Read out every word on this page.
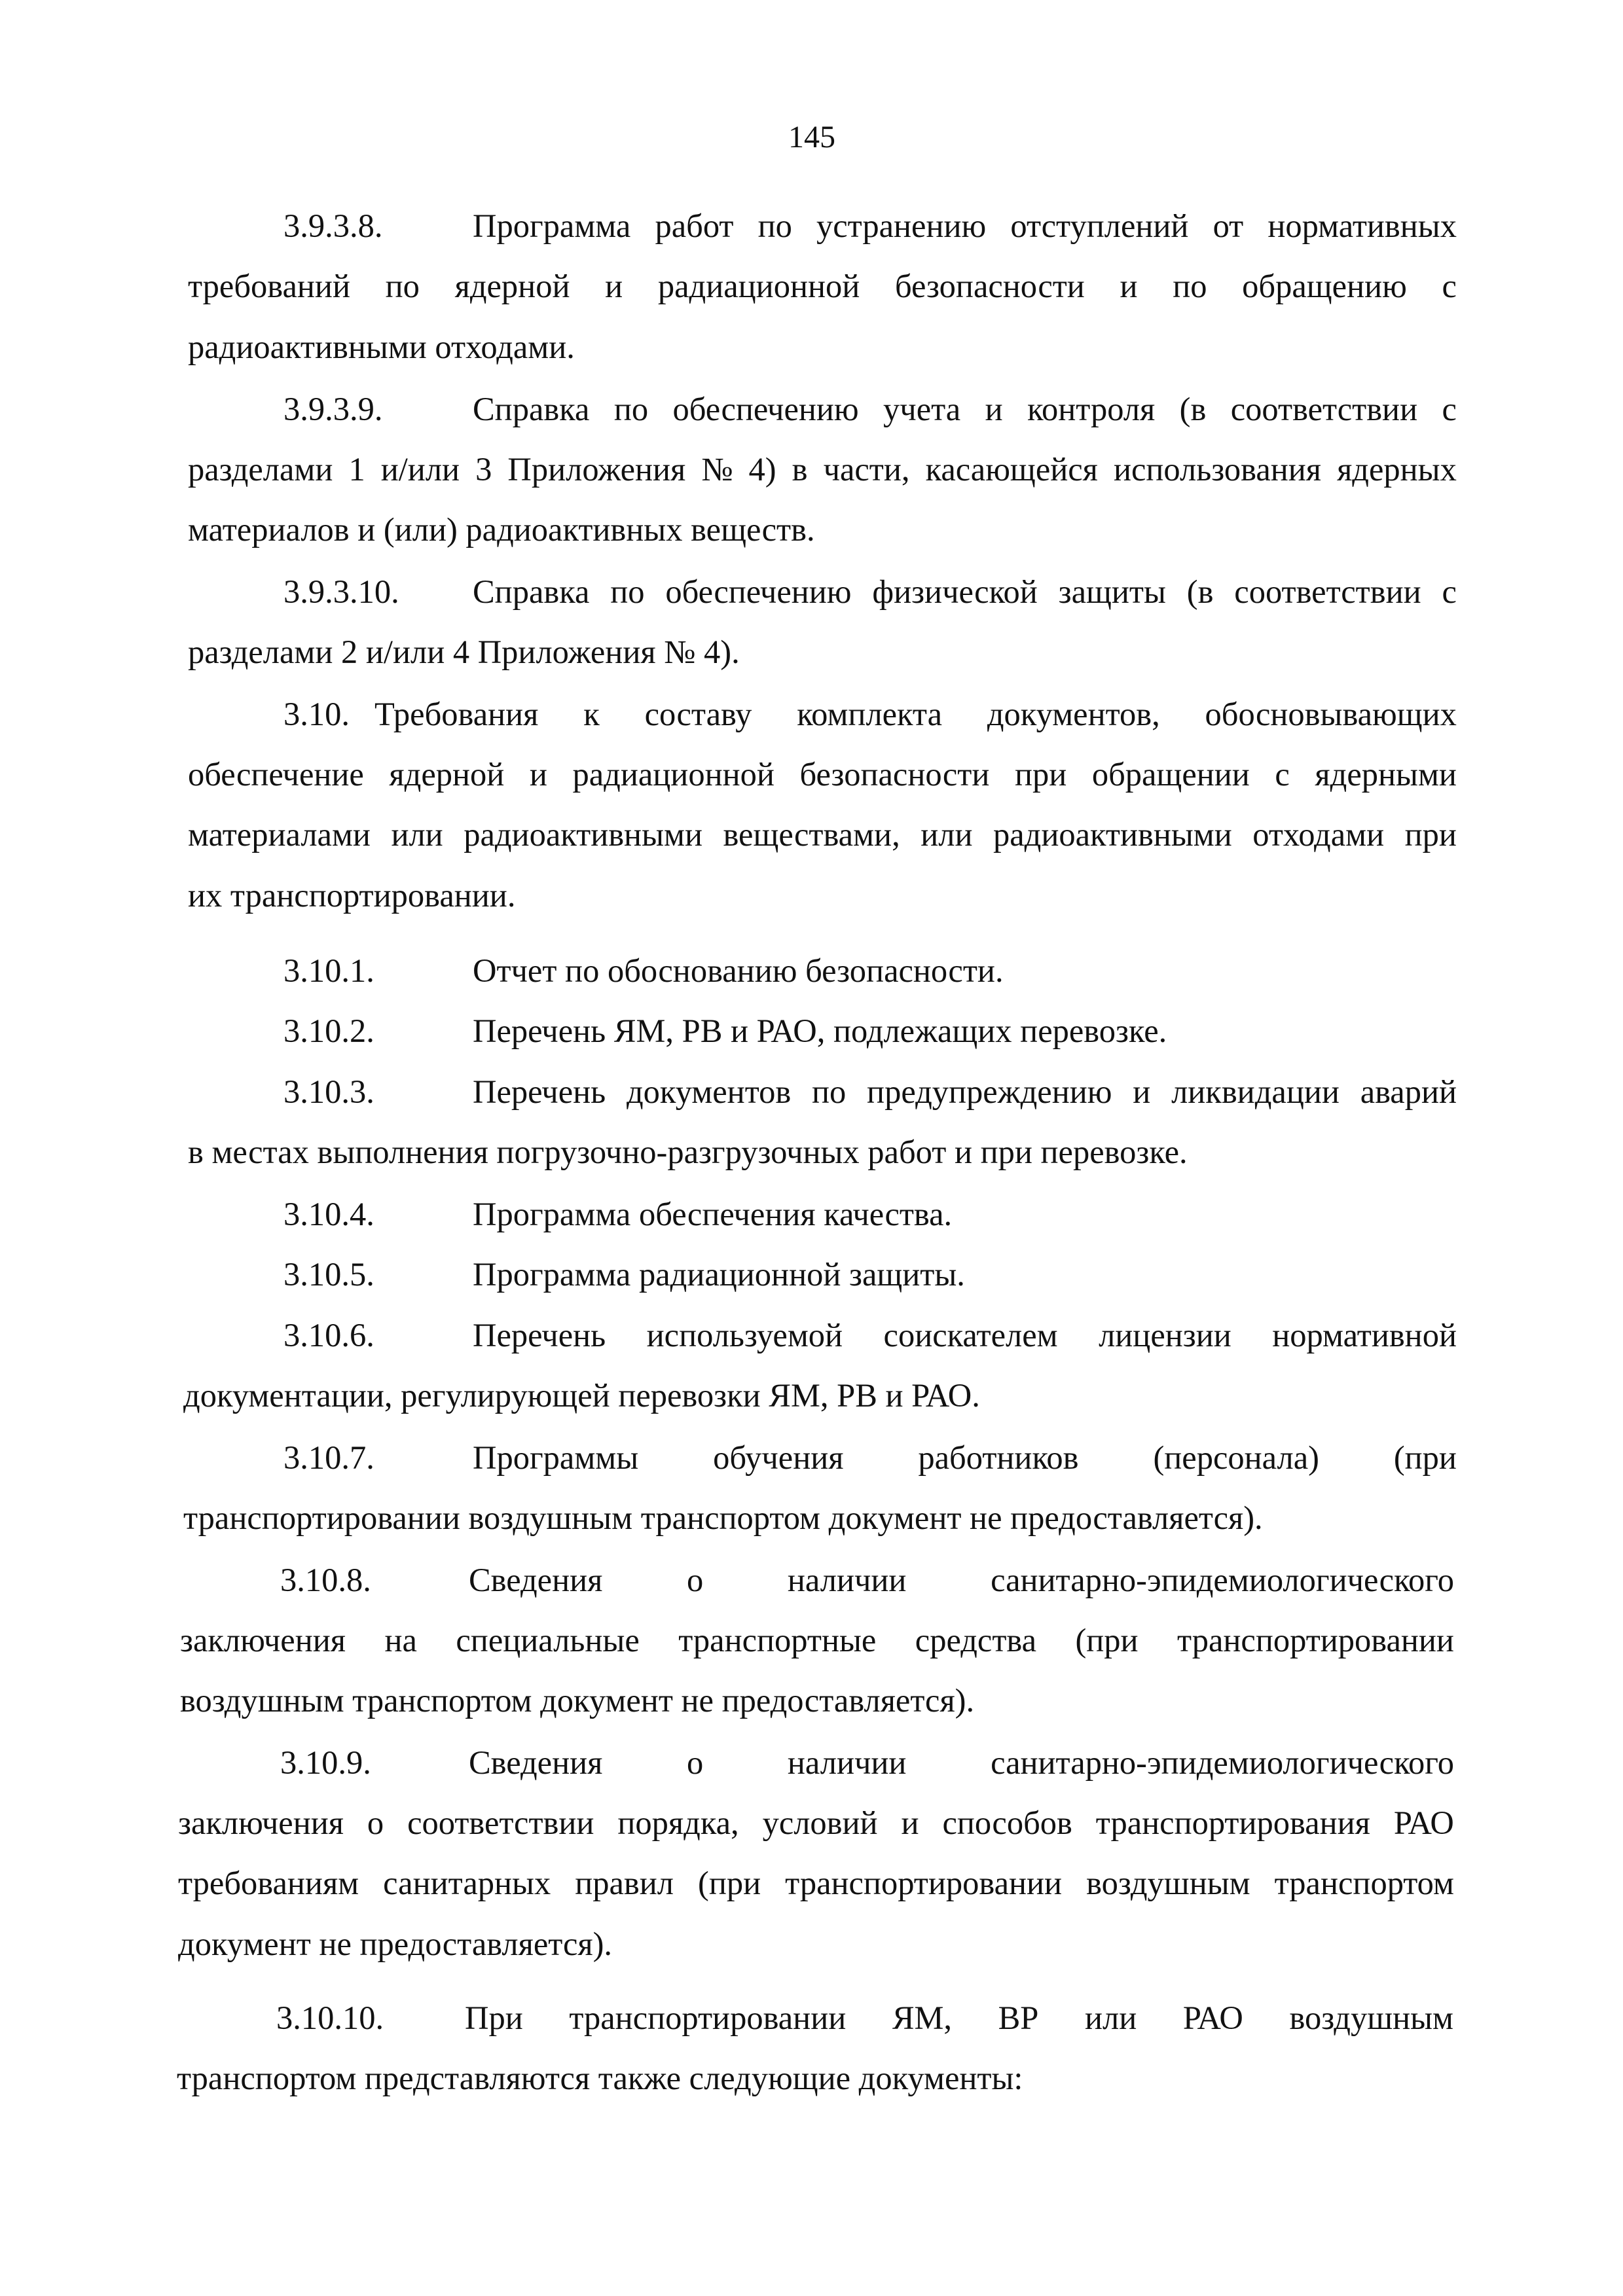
145
3.9.3.8.	Программа работ по устранению отступлений от нормативных
требований по ядерной и радиационной безопасности и по обращению с
радиоактивными отходами.
3.9.3.9.	Справка по обеспечению учета и контроля (в соответствии с
разделами 1 и/или 3 Приложения № 4) в части, касающейся использования ядерных
материалов и (или) радиоактивных веществ.
3.9.3.10. Справка по обеспечению физической защиты (в соответствии с
разделами 2 и/или 4 Приложения № 4).
3.10. Требования к составу комплекта документов, обосновывающих
обеспечение ядерной и радиационной безопасности при обращении с ядерными
материалами или радиоактивными веществами, или радиоактивными отходами при
их транспортировании.
3.10.1.	Отчет по обоснованию безопасности.
3.10.2.	Перечень ЯМ, РВ и РАО, подлежащих перевозке.
3.10.3.	Перечень документов по предупреждению и ликвидации аварий
в местах выполнения погрузочно-разгрузочных работ и при перевозке.
3.10.4.	Программа обеспечения качества.
3.10.5.	Программа радиационной защиты.
3.10.6.	Перечень используемой соискателем лицензии нормативной
документации, регулирующей перевозки ЯМ, РВ и РАО.
3.10.7.	Программы обучения работников (персонала) (при
транспортировании воздушным транспортом документ не предоставляется).
3.10.8.	Сведения	о	наличии	санитарно-эпидемиологического
заключения на специальные транспортные средства (при транспортировании
воздушным транспортом документ не предоставляется).
3.10.9.	Сведения	о	наличии	санитарно-эпидемиологического
заключения о соответствии порядка, условий и способов транспортирования РАО
требованиям санитарных правил (при транспортировании воздушным транспортом
документ не предоставляется).
3.10.10. При транспортировании ЯМ, ВР или РАО воздушным
транспортом представляются также следующие документы:
